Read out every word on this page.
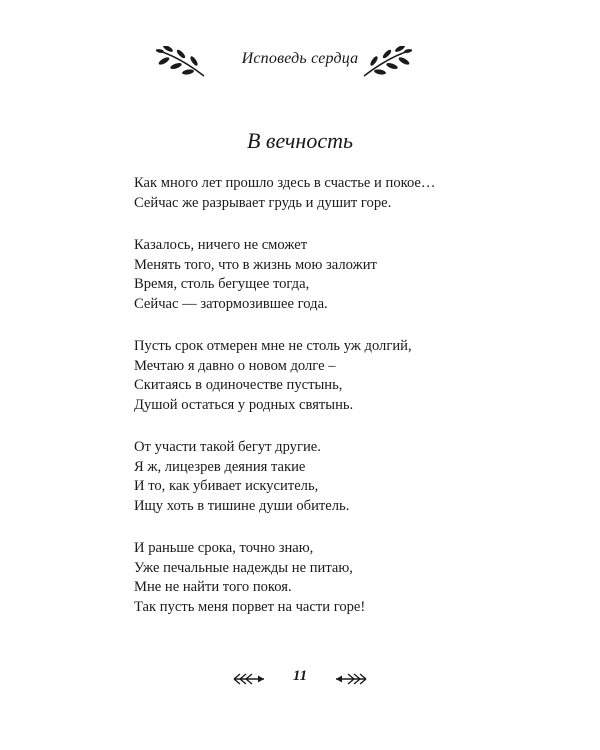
Исповедь сердца
В вечность
Как много лет прошло здесь в счастье и покое…
Сейчас же разрывает грудь и душит горе.
Казалось, ничего не сможет
Менять того, что в жизнь мою заложит
Время, столь бегущее тогда,
Сейчас — затормозившее года.
Пусть срок отмерен мне не столь уж долгий,
Мечтаю я давно о новом долге –
Скитаясь в одиночестве пустынь,
Душой остаться у родных святынь.
От участи такой бегут другие.
Я ж, лицезрев деяния такие
И то, как убивает искуситель,
Ищу хоть в тишине души обитель.
И раньше срока, точно знаю,
Уже печальные надежды не питаю,
Мне не найти того покоя.
Так пусть меня порвет на части горе!
11
